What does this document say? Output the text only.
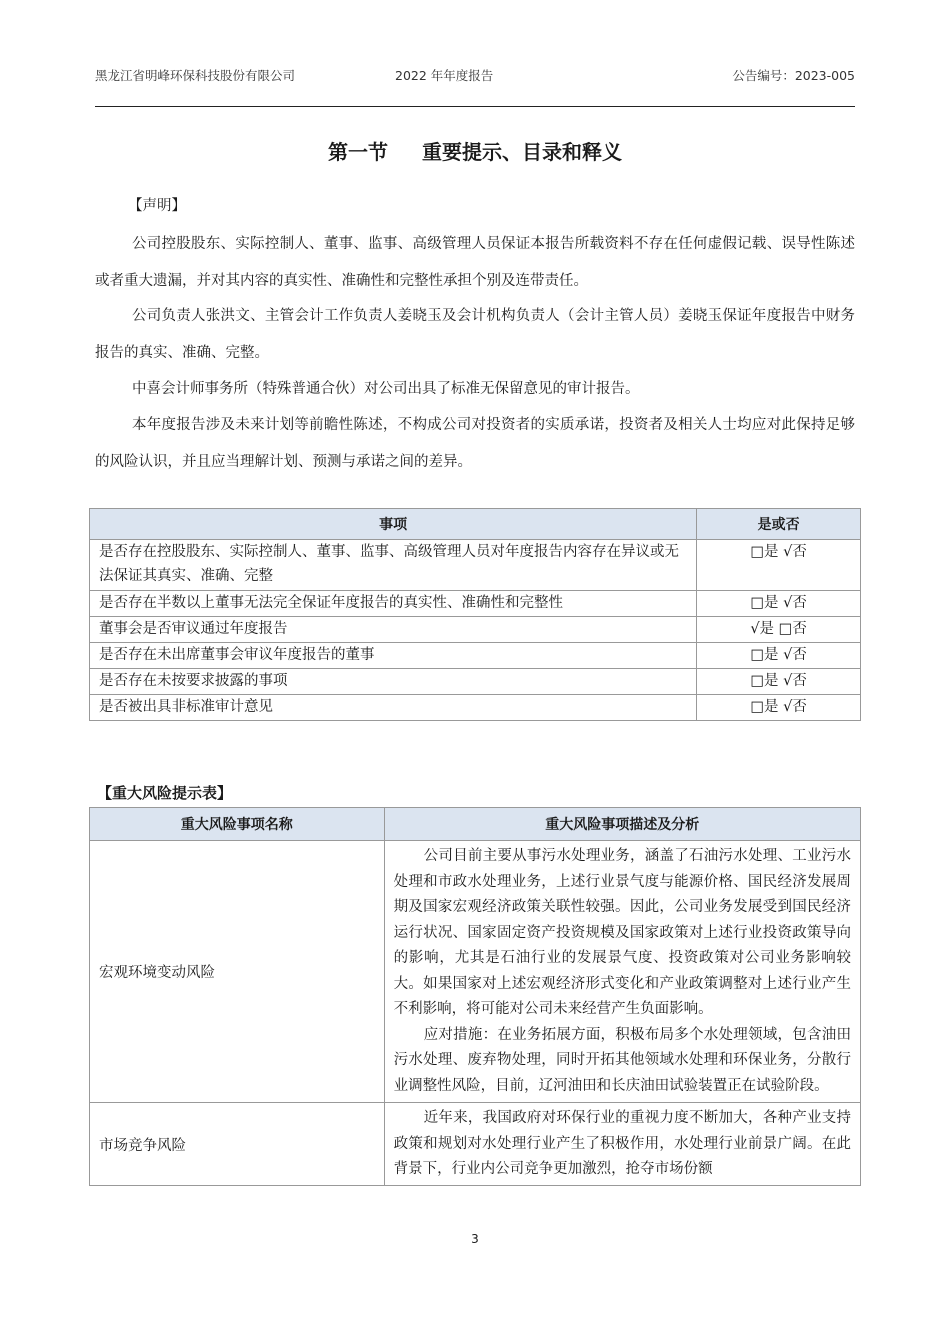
黑龙江省明峰环保科技股份有限公司	2022 年年度报告	公告编号：2023-005
第一节 重要提示、目录和释义
【声明】

公司控股股东、实际控制人、董事、监事、高级管理人员保证本报告所载资料不存在任何虚假记载、误导性陈述或者重大遗漏，并对其内容的真实性、准确性和完整性承担个别及连带责任。

公司负责人张洪文、主管会计工作负责人姜晓玉及会计机构负责人（会计主管人员）姜晓玉保证年度报告中财务报告的真实、准确、完整。

中喜会计师事务所（特殊普通合伙）对公司出具了标准无保留意见的审计报告。

本年度报告涉及未来计划等前瞻性陈述，不构成公司对投资者的实质承诺，投资者及相关人士均应对此保持足够的风险认识，并且应当理解计划、预测与承诺之间的差异。

事项	是或否
是否存在控股股东、实际控制人、董事、监事、高级管理人员对年度报告内容存在异议或无法保证其真实、准确、完整	□是 √否
是否存在半数以上董事无法完全保证年度报告的真实性、准确性和完整性	□是 √否
董事会是否审议通过年度报告	√是 □否
是否存在未出席董事会审议年度报告的董事	□是 √否
是否存在未按要求披露的事项	□是 √否
是否被出具非标准审计意见	□是 √否
【重大风险提示表】
重大风险事项名称	重大风险事项描述及分析
宏观环境变动风险	公司目前主要从事污水处理业务，涵盖了石油污水处理、工业污水处理和市政水处理业务，上述行业景气度与能源价格、国民经济发展周期及国家宏观经济政策关联性较强。因此，公司业务发展受到国民经济运行状况、国家固定资产投资规模及国家政策对上述行业投资政策导向的影响，尤其是石油行业的发展景气度、投资政策对公司业务影响较大。如果国家对上述宏观经济形式变化和产业政策调整对上述行业产生不利影响，将可能对公司未来经营产生负面影响。

应对措施：在业务拓展方面，积极布局多个水处理领域，包含油田污水处理、废弃物处理，同时开拓其他领域水处理和环保业务，分散行业调整性风险，目前，辽河油田和长庆油田试验装置正在试验阶段。

市场竞争风险	近年来，我国政府对环保行业的重视力度不断加大，各种产业支持政策和规划对水处理行业产生了积极作用，水处理行业前景广阔。在此背景下，行业内公司竞争更加激烈，抢夺市场份额

3
